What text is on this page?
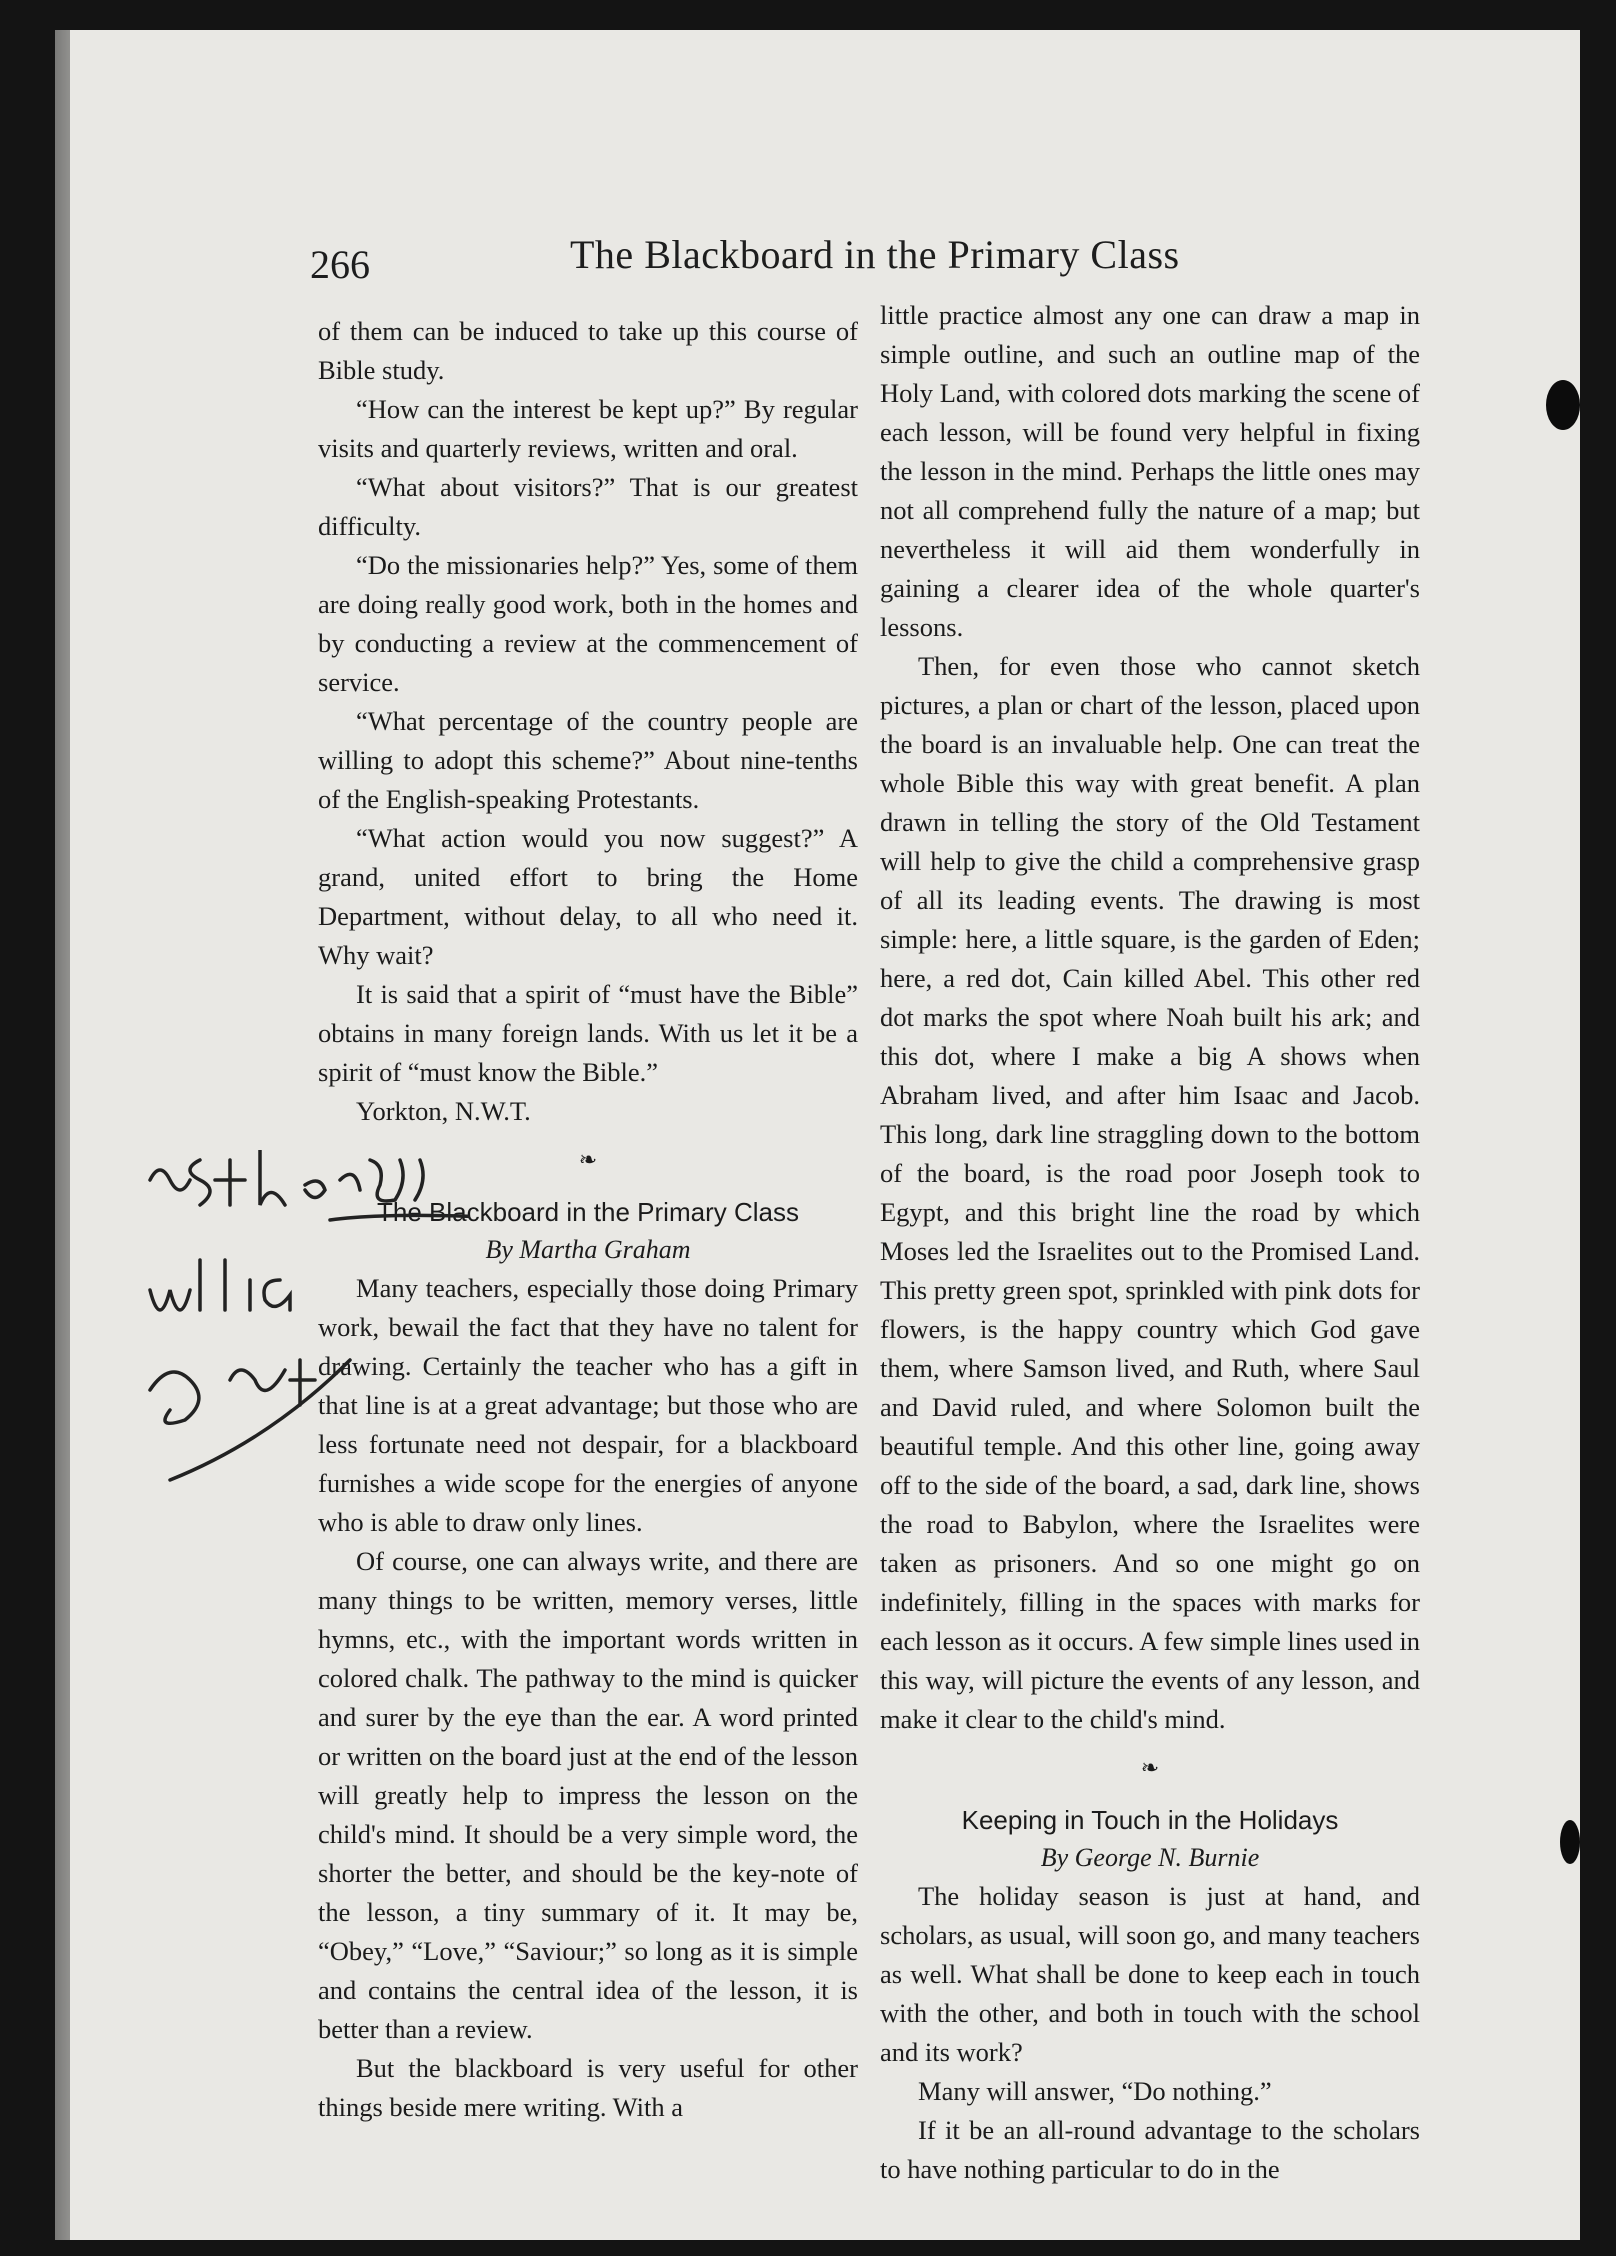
266	The Blackboard in the Primary Class

of them can be induced to take up this course of Bible study.

“How can the interest be kept up?” By regular visits and quarterly reviews, written and oral.

“What about visitors?” That is our greatest difficulty.

“Do the missionaries help?” Yes, some of them are doing really good work, both in the homes and by conducting a review at the commencement of service.

“What percentage of the country people are willing to adopt this scheme?” About nine-tenths of the English-speaking Protestants.

“What action would you now suggest?” A grand, united effort to bring the Home Department, without delay, to all who need it. Why wait?

It is said that a spirit of “must have the Bible” obtains in many foreign lands. With us let it be a spirit of “must know the Bible.”

Yorkton, N.W.T.

❧
The Blackboard in the Primary Class
By Martha Graham

Many teachers, especially those doing Primary work, bewail the fact that they have no talent for drawing. Certainly the teacher who has a gift in that line is at a great advantage; but those who are less fortunate need not despair, for a blackboard furnishes a wide scope for the energies of anyone who is able to draw only lines.

Of course, one can always write, and there are many things to be written, memory verses, little hymns, etc., with the important words written in colored chalk. The pathway to the mind is quicker and surer by the eye than the ear. A word printed or written on the board just at the end of the lesson will greatly help to impress the lesson on the child's mind. It should be a very simple word, the shorter the better, and should be the key-note of the lesson, a tiny summary of it. It may be, “Obey,” “Love,” “Saviour;” so long as it is simple and contains the central idea of the lesson, it is better than a review.

But the blackboard is very useful for other things beside mere writing. With a

little practice almost any one can draw a map in simple outline, and such an outline map of the Holy Land, with colored dots marking the scene of each lesson, will be found very helpful in fixing the lesson in the mind. Perhaps the little ones may not all comprehend fully the nature of a map; but nevertheless it will aid them wonderfully in gaining a clearer idea of the whole quarter's lessons.

Then, for even those who cannot sketch pictures, a plan or chart of the lesson, placed upon the board is an invaluable help. One can treat the whole Bible this way with great benefit. A plan drawn in telling the story of the Old Testament will help to give the child a comprehensive grasp of all its leading events. The drawing is most simple: here, a little square, is the garden of Eden; here, a red dot, Cain killed Abel. This other red dot marks the spot where Noah built his ark; and this dot, where I make a big A shows when Abraham lived, and after him Isaac and Jacob. This long, dark line straggling down to the bottom of the board, is the road poor Joseph took to Egypt, and this bright line the road by which Moses led the Israelites out to the Promised Land. This pretty green spot, sprinkled with pink dots for flowers, is the happy country which God gave them, where Samson lived, and Ruth, where Saul and David ruled, and where Solomon built the beautiful temple. And this other line, going away off to the side of the board, a sad, dark line, shows the road to Babylon, where the Israelites were taken as prisoners. And so one might go on indefinitely, filling in the spaces with marks for each lesson as it occurs. A few simple lines used in this way, will picture the events of any lesson, and make it clear to the child's mind.

❧
Keeping in Touch in the Holidays
By George N. Burnie

The holiday season is just at hand, and scholars, as usual, will soon go, and many teachers as well. What shall be done to keep each in touch with the other, and both in touch with the school and its work?

Many will answer, “Do nothing.”

If it be an all-round advantage to the scholars to have nothing particular to do in the
